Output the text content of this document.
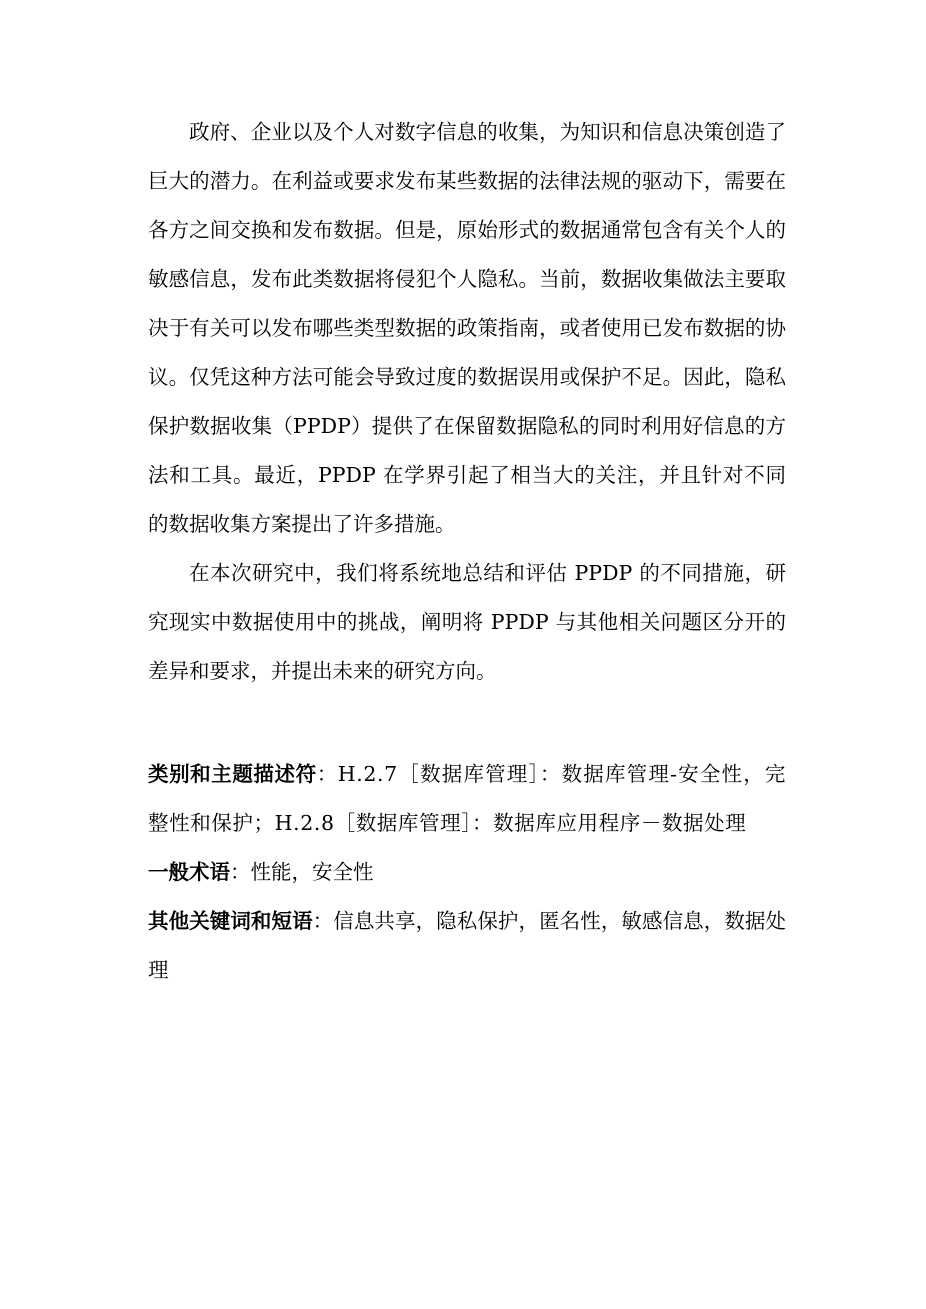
政府、企业以及个人对数字信息的收集，为知识和信息决策创造了巨大的潜力。在利益或要求发布某些数据的法律法规的驱动下，需要在各方之间交换和发布数据。但是，原始形式的数据通常包含有关个人的敏感信息，发布此类数据将侵犯个人隐私。当前，数据收集做法主要取决于有关可以发布哪些类型数据的政策指南，或者使用已发布数据的协议。仅凭这种方法可能会导致过度的数据误用或保护不足。因此，隐私保护数据收集（PPDP）提供了在保留数据隐私的同时利用好信息的方法和工具。最近，PPDP 在学界引起了相当大的关注，并且针对不同的数据收集方案提出了许多措施。

在本次研究中，我们将系统地总结和评估 PPDP 的不同措施，研究现实中数据使用中的挑战，阐明将 PPDP 与其他相关问题区分开的差异和要求，并提出未来的研究方向。

类别和主题描述符：H.2.7［数据库管理］：数据库管理-安全性，完整性和保护；H.2.8［数据库管理］：数据库应用程序－数据处理

一般术语：性能，安全性

其他关键词和短语：信息共享，隐私保护，匿名性，敏感信息，数据处理
